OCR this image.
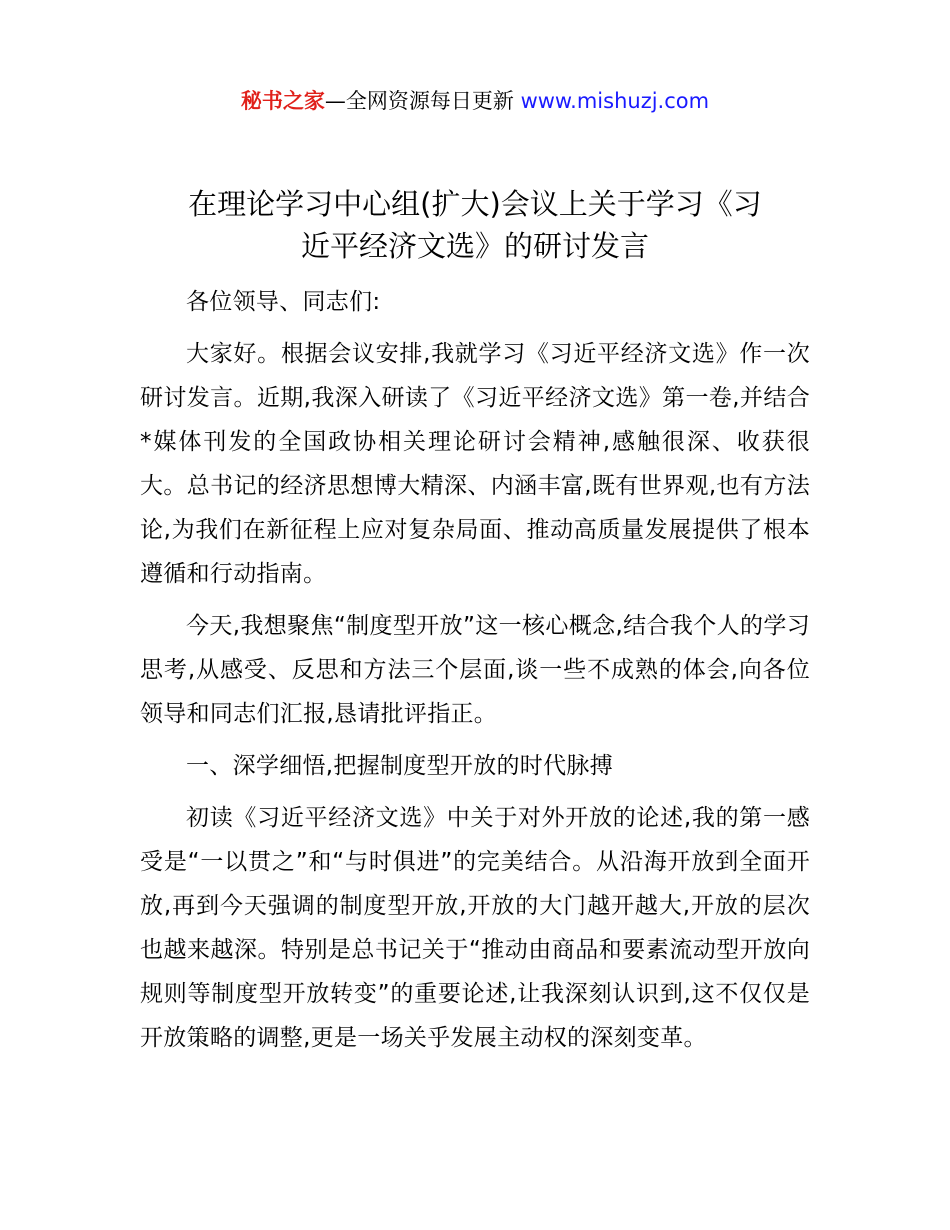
秘书之家—全网资源每日更新 www.mishuzj.com
在理论学习中心组(扩大)会议上关于学习《习
近平经济文选》的研讨发言

各位领导、同志们:

大家好。根据会议安排,我就学习《习近平经济文选》作一次研讨发言。近期,我深入研读了《习近平经济文选》第一卷,并结合*媒体刊发的全国政协相关理论研讨会精神,感触很深、收获很大。总书记的经济思想博大精深、内涵丰富,既有世界观,也有方法论,为我们在新征程上应对复杂局面、推动高质量发展提供了根本遵循和行动指南。

今天,我想聚焦“制度型开放”这一核心概念,结合我个人的学习思考,从感受、反思和方法三个层面,谈一些不成熟的体会,向各位领导和同志们汇报,恳请批评指正。

一、深学细悟,把握制度型开放的时代脉搏

初读《习近平经济文选》中关于对外开放的论述,我的第一感受是“一以贯之”和“与时俱进”的完美结合。从沿海开放到全面开放,再到今天强调的制度型开放,开放的大门越开越大,开放的层次也越来越深。特别是总书记关于“推动由商品和要素流动型开放向规则等制度型开放转变”的重要论述,让我深刻认识到,这不仅仅是开放策略的调整,更是一场关乎发展主动权的深刻变革。
